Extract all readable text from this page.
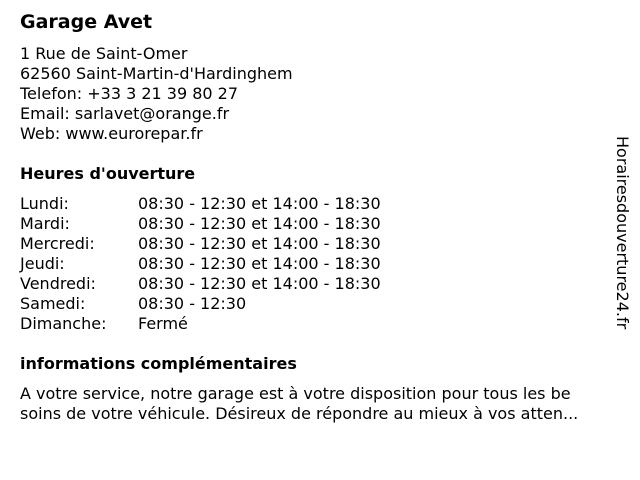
Garage Avet
1 Rue de Saint-Omer
62560 Saint-Martin-d'Hardinghem
Telefon: +33 3 21 39 80 27
Email: sarlavet@orange.fr
Web: www.eurorepar.fr
Heures d'ouverture
Lundi:	08:30 - 12:30 et 14:00 - 18:30
Mardi:	08:30 - 12:30 et 14:00 - 18:30
Mercredi:	08:30 - 12:30 et 14:00 - 18:30
Jeudi:	08:30 - 12:30 et 14:00 - 18:30
Vendredi:	08:30 - 12:30 et 14:00 - 18:30
Samedi:	08:30 - 12:30
Dimanche: Fermé
informations complémentaires
A votre service, notre garage est à votre disposition pour tous les be
soins de votre véhicule. Désireux de répondre au mieux à vos atten...
Horairesdouverture24.fr
